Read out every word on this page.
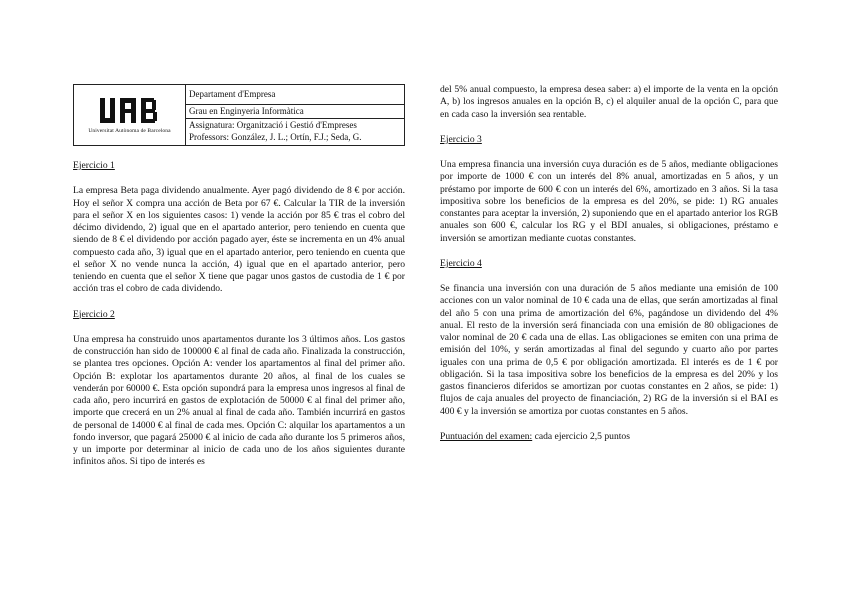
Universitat Autònoma de Barcelona
Departament d'Empresa
Grau en Enginyeria Informàtica
Assignatura: Organització i Gestió d'Empreses
Professors: González, J. L.; Ortín, F.J.; Seda, G.

Ejercicio 1

La empresa Beta paga dividendo anualmente. Ayer pagó dividendo de 8 € por acción. Hoy el señor X compra una acción de Beta por 67 €. Calcular la TIR de la inversión para el señor X en los siguientes casos: 1) vende la acción por 85 € tras el cobro del décimo dividendo, 2) igual que en el apartado anterior, pero teniendo en cuenta que siendo de 8 € el dividendo por acción pagado ayer, éste se incrementa en un 4% anual compuesto cada año, 3) igual que en el apartado anterior, pero teniendo en cuenta que el señor X no vende nunca la acción, 4) igual que en el apartado anterior, pero teniendo en cuenta que el señor X tiene que pagar unos gastos de custodia de 1 € por acción tras el cobro de cada dividendo.

Ejercicio 2

Una empresa ha construido unos apartamentos durante los 3 últimos años. Los gastos de construcción han sido de 100000 € al final de cada año. Finalizada la construcción, se plantea tres opciones. Opción A: vender los apartamentos al final del primer año. Opción B: explotar los apartamentos durante 20 años, al final de los cuales se venderán por 60000 €. Esta opción supondrá para la empresa unos ingresos al final de cada año, pero incurrirá en gastos de explotación de 50000 € al final del primer año, importe que crecerá en un 2% anual al final de cada año. También incurrirá en gastos de personal de 14000 € al final de cada mes. Opción C: alquilar los apartamentos a un fondo inversor, que pagará 25000 € al inicio de cada año durante los 5 primeros años, y un importe por determinar al inicio de cada uno de los años siguientes durante infinitos años. Si tipo de interés es

del 5% anual compuesto, la empresa desea saber: a) el importe de la venta en la opción A, b) los ingresos anuales en la opción B, c) el alquiler anual de la opción C, para que en cada caso la inversión sea rentable.

Ejercicio 3

Una empresa financia una inversión cuya duración es de 5 años, mediante obligaciones por importe de 1000 € con un interés del 8% anual, amortizadas en 5 años, y un préstamo por importe de 600 € con un interés del 6%, amortizado en 3 años. Si la tasa impositiva sobre los beneficios de la empresa es del 20%, se pide: 1) RG anuales constantes para aceptar la inversión, 2) suponiendo que en el apartado anterior los RGB anuales son 600 €, calcular los RG y el BDI anuales, si obligaciones, préstamo e inversión se amortizan mediante cuotas constantes.

Ejercicio 4

Se financia una inversión con una duración de 5 años mediante una emisión de 100 acciones con un valor nominal de 10 € cada una de ellas, que serán amortizadas al final del año 5 con una prima de amortización del 6%, pagándose un dividendo del 4% anual. El resto de la inversión será financiada con una emisión de 80 obligaciones de valor nominal de 20 € cada una de ellas. Las obligaciones se emiten con una prima de emisión del 10%, y serán amortizadas al final del segundo y cuarto año por partes iguales con una prima de 0,5 € por obligación amortizada. El interés es de 1 € por obligación. Si la tasa impositiva sobre los beneficios de la empresa es del 20% y los gastos financieros diferidos se amortizan por cuotas constantes en 2 años, se pide: 1) flujos de caja anuales del proyecto de financiación, 2) RG de la inversión si el BAI es 400 € y la inversión se amortiza por cuotas constantes en 5 años.

Puntuación del examen: cada ejercicio 2,5 puntos
